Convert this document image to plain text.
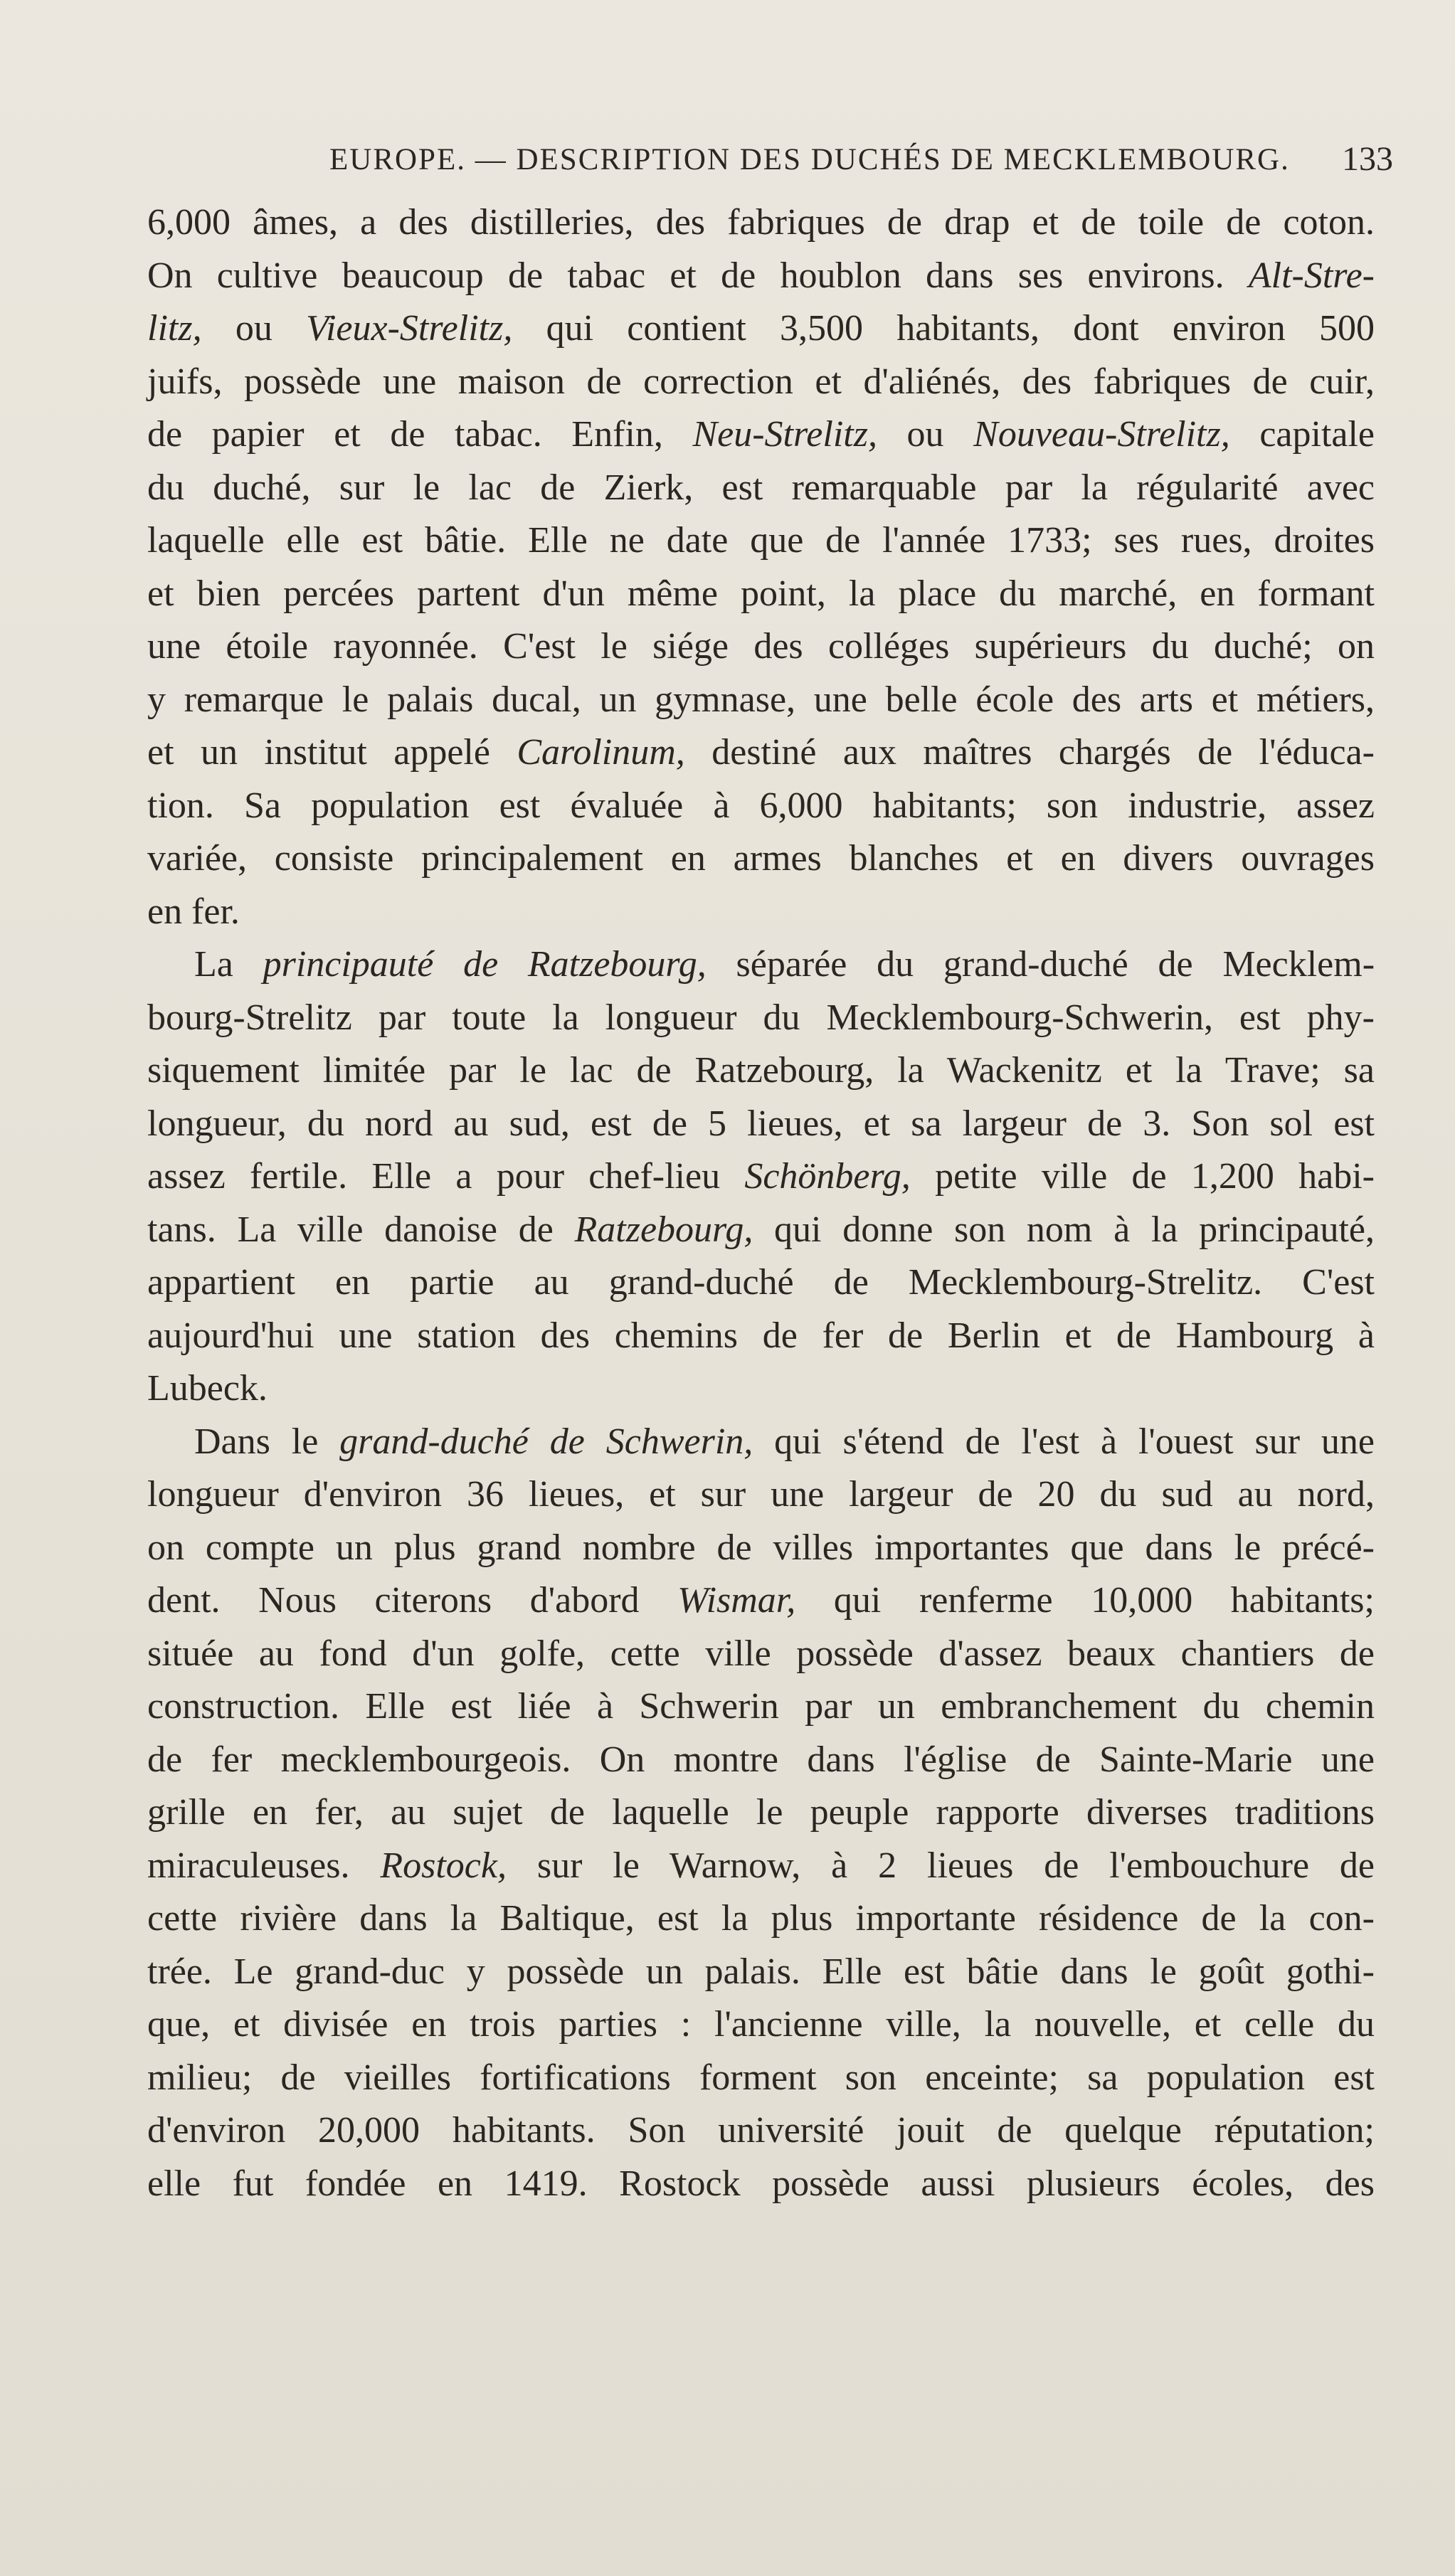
EUROPE. — DESCRIPTION DES DUCHÉS DE MECKLEMBOURG. 133
6,000 âmes, a des distilleries, des fabriques de drap et de toile de coton.
On cultive beaucoup de tabac et de houblon dans ses environs. Alt-Stre-
litz, ou Vieux-Strelitz, qui contient 3,500 habitants, dont environ 500
juifs, possède une maison de correction et d'aliénés, des fabriques de cuir,
de papier et de tabac. Enfin, Neu-Strelitz, ou Nouveau-Strelitz, capitale
du duché, sur le lac de Zierk, est remarquable par la régularité avec
laquelle elle est bâtie. Elle ne date que de l'année 1733; ses rues, droites
et bien percées partent d'un même point, la place du marché, en formant
une étoile rayonnée. C'est le siége des colléges supérieurs du duché; on
y remarque le palais ducal, un gymnase, une belle école des arts et métiers,
et un institut appelé Carolinum, destiné aux maîtres chargés de l'éduca-
tion. Sa population est évaluée à 6,000 habitants; son industrie, assez
variée, consiste principalement en armes blanches et en divers ouvrages
en fer.
La principauté de Ratzebourg, séparée du grand-duché de Mecklem-
bourg-Strelitz par toute la longueur du Mecklembourg-Schwerin, est phy-
siquement limitée par le lac de Ratzebourg, la Wackenitz et la Trave; sa
longueur, du nord au sud, est de 5 lieues, et sa largeur de 3. Son sol est
assez fertile. Elle a pour chef-lieu Schönberg, petite ville de 1,200 habi-
tans. La ville danoise de Ratzebourg, qui donne son nom à la principauté,
appartient en partie au grand-duché de Mecklembourg-Strelitz. C'est
aujourd'hui une station des chemins de fer de Berlin et de Hambourg à
Lubeck.
Dans le grand-duché de Schwerin, qui s'étend de l'est à l'ouest sur une
longueur d'environ 36 lieues, et sur une largeur de 20 du sud au nord,
on compte un plus grand nombre de villes importantes que dans le précé-
dent. Nous citerons d'abord Wismar, qui renferme 10,000 habitants;
située au fond d'un golfe, cette ville possède d'assez beaux chantiers de
construction. Elle est liée à Schwerin par un embranchement du chemin
de fer mecklembourgeois. On montre dans l'église de Sainte-Marie une
grille en fer, au sujet de laquelle le peuple rapporte diverses traditions
miraculeuses. Rostock, sur le Warnow, à 2 lieues de l'embouchure de
cette rivière dans la Baltique, est la plus importante résidence de la con-
trée. Le grand-duc y possède un palais. Elle est bâtie dans le goût gothi-
que, et divisée en trois parties : l'ancienne ville, la nouvelle, et celle du
milieu; de vieilles fortifications forment son enceinte; sa population est
d'environ 20,000 habitants. Son université jouit de quelque réputation;
elle fut fondée en 1419. Rostock possède aussi plusieurs écoles, des
